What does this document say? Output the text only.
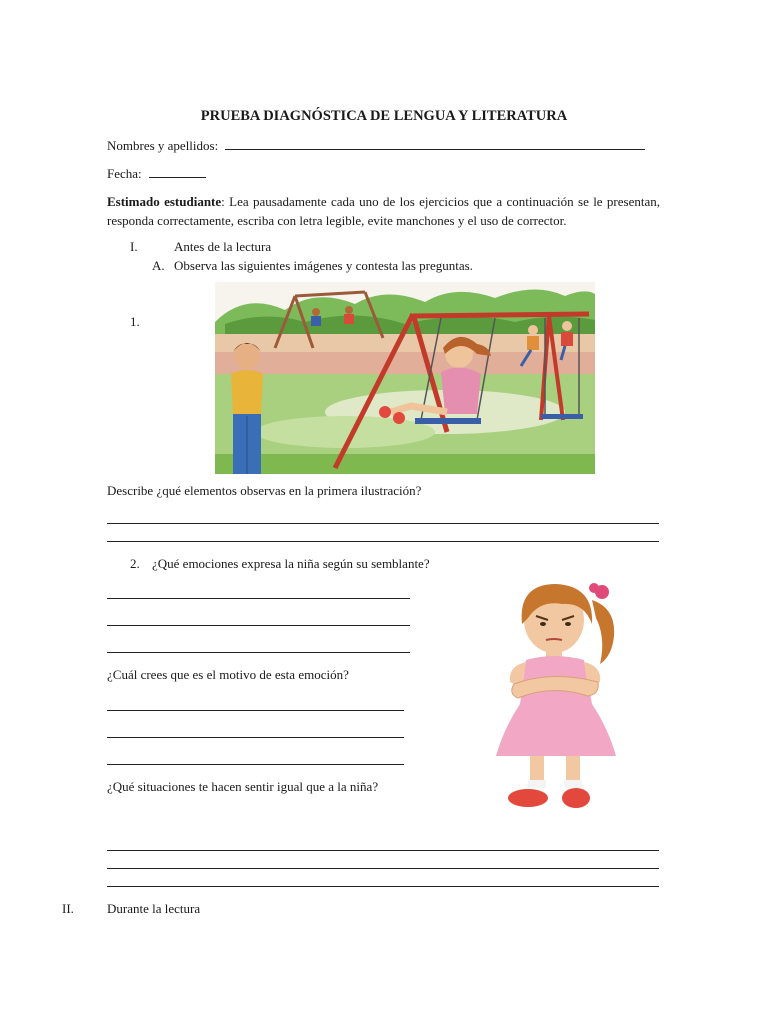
PRUEBA DIAGNÓSTICA DE LENGUA Y LITERATURA
Nombres y apellidos:
Fecha:
Estimado estudiante: Lea pausadamente cada uno de los ejercicios que a continuación se le presentan, responda correctamente, escriba con letra legible, evite manchones y el uso de corrector.
I.	Antes de la lectura
A. Observa las siguientes imágenes y contesta las preguntas.
1.
Describe ¿qué elementos observas en la primera ilustración?
2. ¿Qué emociones expresa la niña según su semblante?
¿Cuál crees que es el motivo de esta emoción?
¿Qué situaciones te hacen sentir igual que a la niña?
II.	Durante la lectura
